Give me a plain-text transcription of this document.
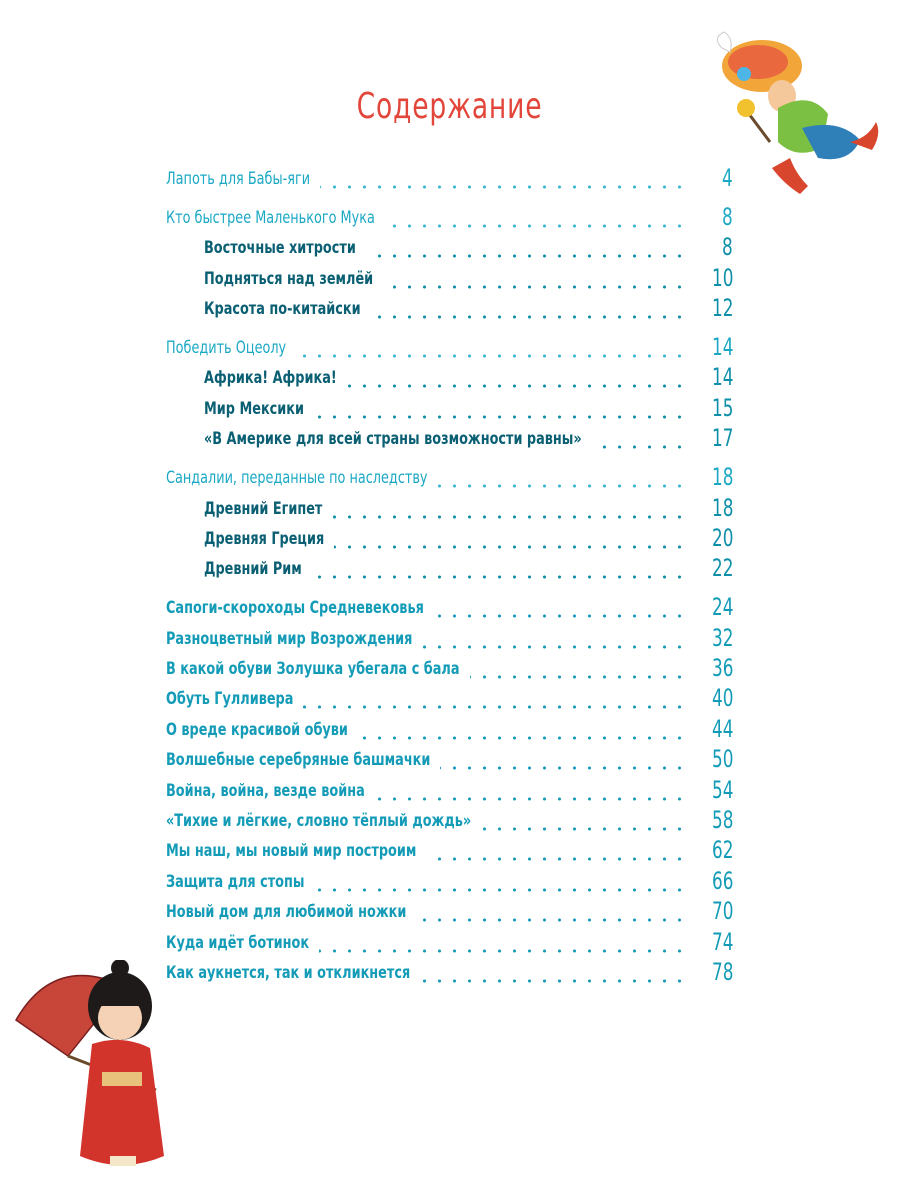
Содержание
Лапоть для Бабы-яги	4
Кто быстрее Маленького Мука	8
Восточные хитрости	8
Подняться над землёй	10
Красота по-китайски	12
Победить Оцеолу	14
Африка! Африка!	14
Мир Мексики	15
«В Америке для всей страны возможности равны»	17
Сандалии, переданные по наследству	18
Древний Египет	18
Древняя Греция	20
Древний Рим	22
Сапоги-скороходы Средневековья	24
Разноцветный мир Возрождения	32
В какой обуви Золушка убегала с бала	36
Обуть Гулливера	40
О вреде красивой обуви	44
Волшебные серебряные башмачки	50
Война, война, везде война	54
«Тихие и лёгкие, словно тёплый дождь»	58
Мы наш, мы новый мир построим	62
Защита для стопы	66
Новый дом для любимой ножки	70
Куда идёт ботинок	74
Как аукнется, так и откликнется	78
